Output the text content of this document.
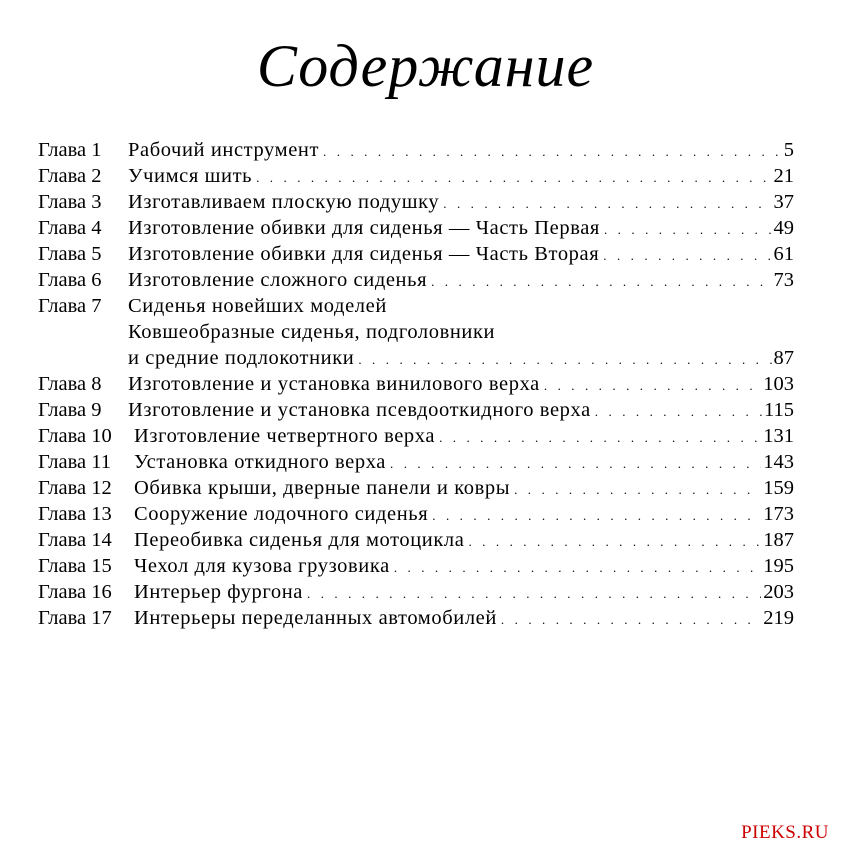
Содержание
Глава 1 Рабочий инструмент . . .	5
Глава 2 Учимся шить . . .	21
Глава 3 Изготавливаем плоскую подушку . . .	37
Глава 4 Изготовление обивки для сиденья — Часть Первая . . .	49
Глава 5 Изготовление обивки для сиденья — Часть Вторая . . .	61
Глава 6 Изготовление сложного сиденья . . .	73
Глава 7 Сиденья новейших моделей
Ковшеобразные сиденья, подголовники
и средние подлокотники . . .	87
Глава 8 Изготовление и установка винилового верха . . .	103
Глава 9 Изготовление и установка псевдооткидного верха . . .	115
Глава 10 Изготовление четвертного верха . . .	131
Глава 11 Установка откидного верха . . .	143
Глава 12 Обивка крыши, дверные панели и ковры . . .	159
Глава 13 Сооружение лодочного сиденья . . .	173
Глава 14 Переобивка сиденья для мотоцикла . . .	187
Глава 15 Чехол для кузова грузовика . . .	195
Глава 16 Интерьер фургона . . .	203
Глава 17 Интерьеры переделанных автомобилей . . .	219
PIEKS.RU
